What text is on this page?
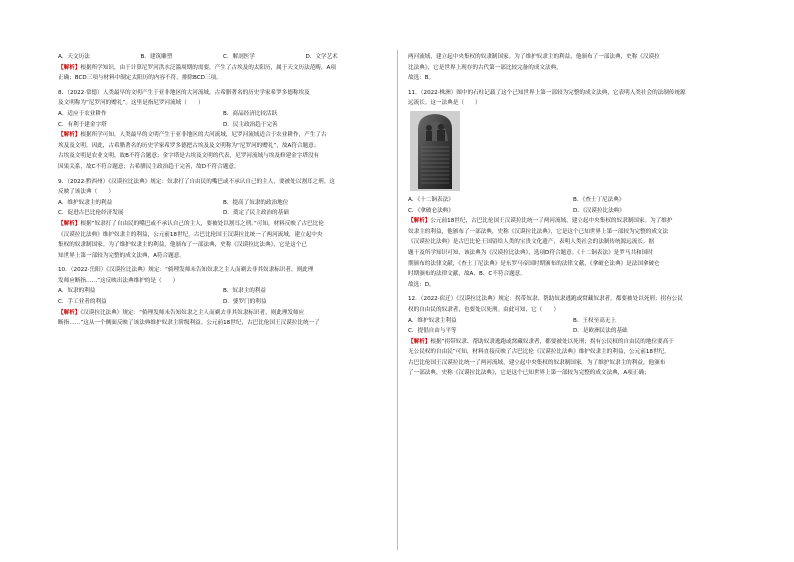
A．天文历法	B．建筑雕塑	C．解剖医学	D．文学艺术
【解析】根据所学知识，由于计算尼罗河洪水泛滥周期的需要，产生了古埃及的太阳历，属于天文历法范畴，A项
正确；BCD三项与材料中制定太阳历的内容不符，排除BCD三项。
8．（2022·常德）人类最早的文明产生于亚非地区的大河流域，古希腊著名的历史学家希罗多德称埃及
及文明称为“尼罗河的赠礼”。这里是指尼罗河流域（　　）
A．适应于农业耕作	B．商品经济比较活跃
C．有利于建金字塔	D．民主政治趋于完善
【解析】根据所学可知，人类最早的文明产生于亚非地区的大河流域，尼罗河流域适合于农业耕作，产生了古
埃及及文明。因此，古希腊著名的历史学家希罗多德把古埃及及文明称为“尼罗河的赠礼”，故A符合题意；
古埃及文明是农业文明，故B不符合题意；金字塔是古埃及文明的代表，尼罗河流域与埃及修建金字塔没有
因果关系，故C不符合题意；古希腊民主政治趋于完善，故D不符合题意。
9．（2022·黔西州）《汉谟拉比法典》规定：奴隶打了自由民的嘴巴或不承认自己的主人，要被处以割耳之刑。这
反映了该法典（　　）
A．维护奴隶主的利益	B．提高了奴隶的政治地位
C．促进古巴比伦经济发展	D．奠定了民主政治的基础
【解析】根据“奴隶打了自由民的嘴巴或不承认自己的主人，要被处以割耳之刑。”可知，材料反映了古巴比伦
《汉谟拉比法典》维护奴隶主的利益，公元前18世纪，古巴比伦国王汉谟拉比统一了两河流域，建立起中央
集权的奴隶制国家。为了维护奴隶主的利益，他颁布了一部法典，史称《汉谟拉比法典》，它是这个已
知世界上第一部较为完整的成文法典，A符合题意。
10．（2022·岳阳）《汉谟拉比法典》规定：“倘理发师未告知奴隶之主人而剃去非其奴隶标识者，则此理
发师应断指……”这反映出法典维护的是（　　）
A．奴隶的利益	B．奴隶主的利益
C．手工业者的利益	D．婆罗门的利益
【解析】《汉谟拉比法典》规定：“倘理发师未告知奴隶之主人而剃去非其奴隶标识者，则此理发师应
断指……”这从一个侧面反映了该法典维护奴隶主阶级利益。公元前18世纪，古巴比伦国王汉谟拉比统一了
两河流域，建立起中央集权的奴隶制国家。为了维护奴隶主的利益，他颁布了一部法典，史称《汉谟拉
比法典》，它是世界上现存的古代第一部比较完备的成文法典。
故选：B。
11．（2022·株洲）图中的石柱记载了这个已知世界上第一部较为完整的成文法典，它表明人类社会的法制传统源
远流长。这一法典是（　　）
A．《十二铜表法》	B．《查士丁尼法典》
C．《拿破仑法典》	D．《汉谟拉比法典》
【解析】公元前18世纪，古巴比伦国王汉谟拉比统一了两河流域，建立起中央集权的奴隶制国家。为了维护
奴隶主的利益，他颁布了一部法典，史称《汉谟拉比法典》，它是这个已知世界上第一部较为完整的成文法
《汉谟拉比法典》是古巴比伦王国留给人类的宝贵文化遗产，表明人类社会的法制传统源远流长。据
题干及所学知识可知，该法典为《汉谟拉比法典》，选项D符合题意。《十二铜表法》是罗马共和国时
期颁布的法律文献，《查士丁尼法典》是东罗马帝国时期颁布的法律文献，《拿破仑法典》是法国拿破仑
时期颁布的法律文献，故A、B、C不符合题意。
故选：D。
12．（2022·宿迁）《汉谟拉比法典》规定：拐带奴隶、帮助奴隶逃跑或窝藏奴隶者，都要被处以死刑；拐有公民
权的自由民的奴隶者，也要处以死刑。由此可知，它（　　）
A．维护奴隶主利益	B．王权至高无上
C．提倡自由与平等	D．是欧洲民法的基础
【解析】根据“拐带奴隶、帮助奴隶逃跑或窝藏奴隶者，都要被处以死刑；拐有公民权的自由民的地位要高于
无公民权的自由民”可知，材料直接反映了古巴比伦《汉谟拉比法典》维护奴隶主的利益，公元前18世纪，
古巴比伦国王汉谟拉比统一了两河流域，建立起中央集权的奴隶制国家。为了维护奴隶主的利益，他颁布
了一部法典，史称《汉谟拉比法典》，它是这个已知世界上第一部较为完整的成文法典，A项正确；
